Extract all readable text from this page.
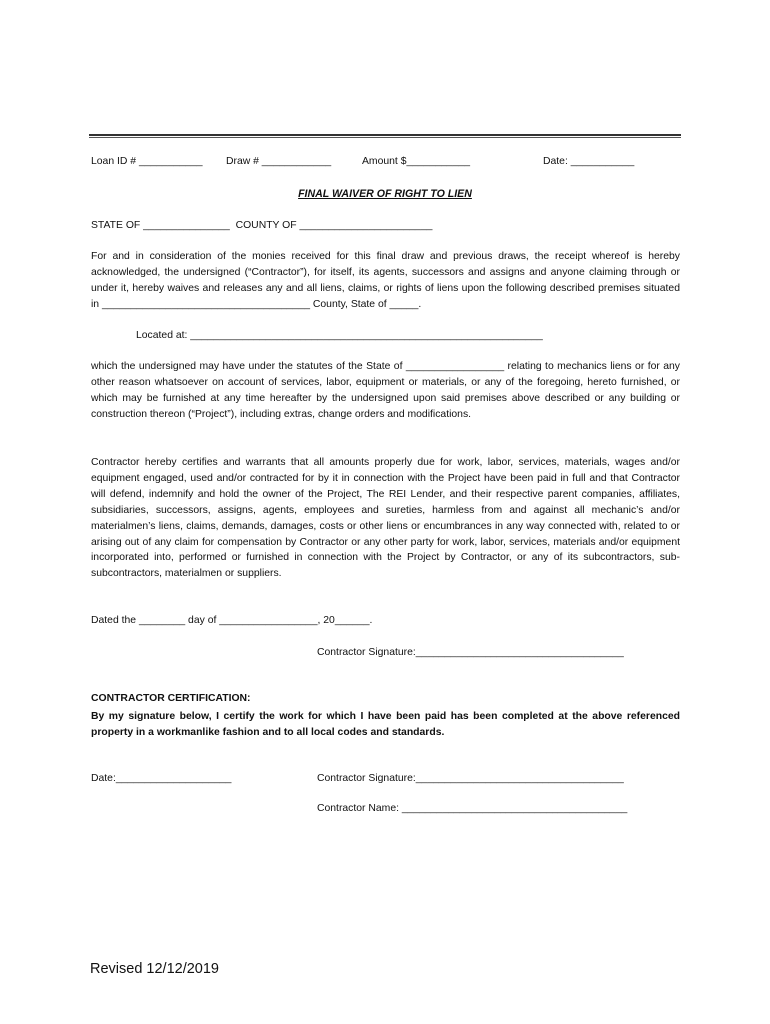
Loan ID # ___________ Draw # ____________	Amount $___________	Date: ___________
FINAL WAIVER OF RIGHT TO LIEN
STATE OF _______________  COUNTY OF _______________________
For and in consideration of the monies received for this final draw and previous draws, the receipt whereof is hereby acknowledged, the undersigned (“Contractor”), for itself, its agents, successors and assigns and anyone claiming through or under it, hereby waives and releases any and all liens, claims, or rights of liens upon the following described premises situated in ____________________________________ County, State of _____.
Located at: _____________________________________________________________
which the undersigned may have under the statutes of the State of _________________ relating to mechanics liens or for any other reason whatsoever on account of services, labor, equipment or materials, or any of the foregoing, hereto furnished, or which may be furnished at any time hereafter by the undersigned upon said premises above described or any building or construction thereon (“Project”), including extras, change orders and modifications.
Contractor hereby certifies and warrants that all amounts properly due for work, labor, services, materials, wages and/or equipment engaged, used and/or contracted for by it in connection with the Project have been paid in full and that Contractor will defend, indemnify and hold the owner of the Project, The REI Lender, and their respective parent companies, affiliates, subsidiaries, successors, assigns, agents, employees and sureties, harmless from and against all mechanic’s and/or materialmen’s liens, claims, demands, damages, costs or other liens or encumbrances in any way connected with, related to or arising out of any claim for compensation by Contractor or any other party for work, labor, services, materials and/or equipment incorporated into, performed or furnished in connection with the Project by Contractor, or any of its subcontractors, sub-subcontractors, materialmen or suppliers.
Dated the ________ day of _________________, 20______.
Contractor Signature:____________________________________
CONTRACTOR CERTIFICATION:
By my signature below, I certify the work for which I have been paid has been completed at the above referenced property in a workmanlike fashion and to all local codes and standards.
Date:____________________	Contractor Signature:____________________________________
Contractor Name: _______________________________________
Revised 12/12/2019
